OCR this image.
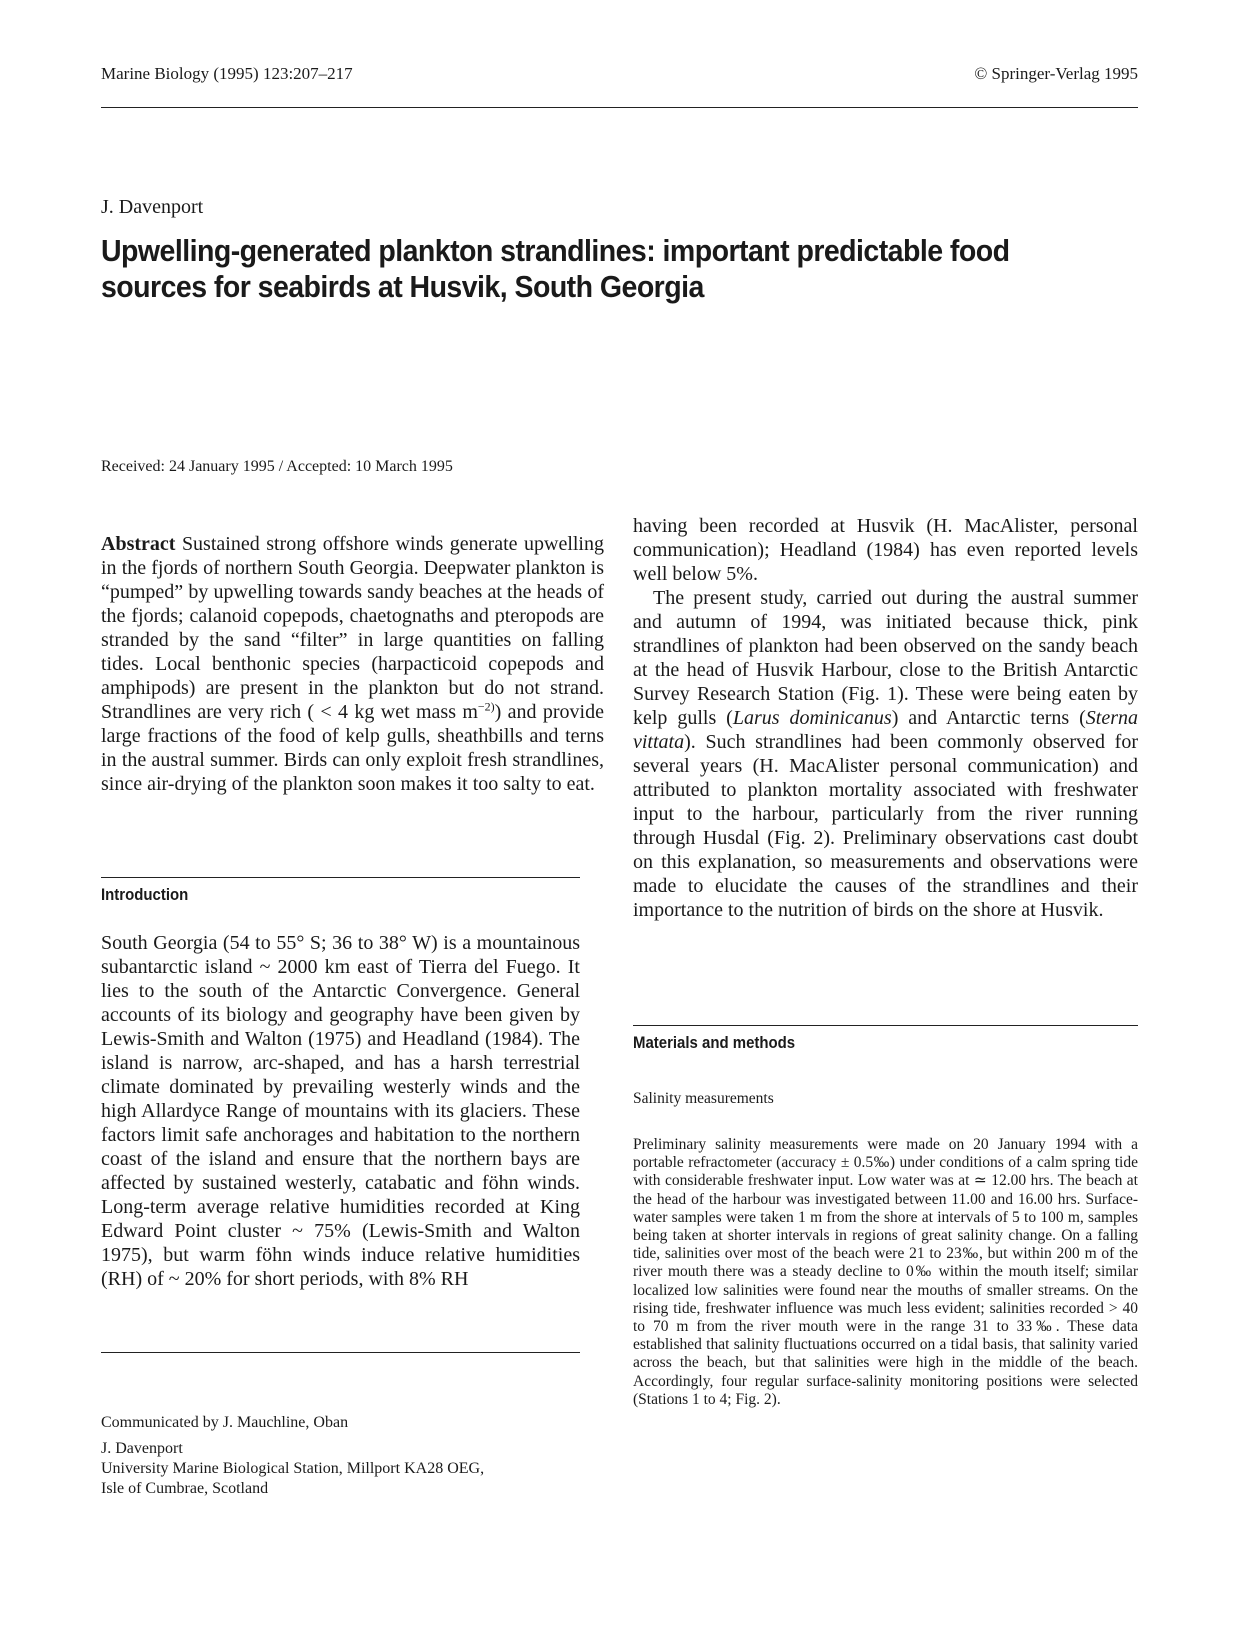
Marine Biology (1995) 123:207–217	© Springer-Verlag 1995
J. Davenport
Upwelling-generated plankton strandlines: important predictable food
sources for seabirds at Husvik, South Georgia
Received: 24 January 1995 / Accepted: 10 March 1995

Abstract Sustained strong offshore winds generate upwelling in the fjords of northern South Georgia. Deepwater plankton is “pumped” by upwelling towards sandy beaches at the heads of the fjords; calanoid copepods, chaetognaths and pteropods are stranded by the sand “filter” in large quantities on falling tides. Local benthonic species (harpacticoid copepods and amphipods) are present in the plankton but do not strand. Strandlines are very rich ( < 4 kg wet mass $m^{-2)}$) and provide large fractions of the food of kelp gulls, sheathbills and terns in the austral summer. Birds can only exploit fresh strandlines, since air-drying of the plankton soon makes it too salty to eat.

Introduction

South Georgia (54 to 55° S; 36 to 38° W) is a mountainous subantarctic island ~ 2000 km east of Tierra del Fuego. It lies to the south of the Antarctic Convergence. General accounts of its biology and geography have been given by Lewis-Smith and Walton (1975) and Headland (1984). The island is narrow, arc-shaped, and has a harsh terrestrial climate dominated by prevailing westerly winds and the high Allardyce Range of mountains with its glaciers. These factors limit safe anchorages and habitation to the northern coast of the island and ensure that the northern bays are affected by sustained westerly, catabatic and föhn winds. Long-term average relative humidities recorded at King Edward Point cluster ~ 75% (Lewis-Smith and Walton 1975), but warm föhn winds induce relative humidities (RH) of ~ 20% for short periods, with 8% RH

Communicated by J. Mauchline, Oban
J. Davenport
University Marine Biological Station, Millport KA28 OEG,
Isle of Cumbrae, Scotland

having been recorded at Husvik (H. MacAlister, personal communication); Headland (1984) has even reported levels well below 5%.

The present study, carried out during the austral summer and autumn of 1994, was initiated because thick, pink strandlines of plankton had been observed on the sandy beach at the head of Husvik Harbour, close to the British Antarctic Survey Research Station (Fig. 1). These were being eaten by kelp gulls (Larus dominicanus) and Antarctic terns (Sterna vittata). Such strandlines had been commonly observed for several years (H. MacAlister personal communication) and attributed to plankton mortality associated with freshwater input to the harbour, particularly from the river running through Husdal (Fig. 2). Preliminary observations cast doubt on this explanation, so measurements and observations were made to elucidate the causes of the strandlines and their importance to the nutrition of birds on the shore at Husvik.

Materials and methods
Salinity measurements

Preliminary salinity measurements were made on 20 January 1994 with a portable refractometer (accuracy ± 0.5‰) under conditions of a calm spring tide with considerable freshwater input. Low water was at ≃ 12.00 hrs. The beach at the head of the harbour was investigated between 11.00 and 16.00 hrs. Surface-water samples were taken 1 m from the shore at intervals of 5 to 100 m, samples being taken at shorter intervals in regions of great salinity change. On a falling tide, salinities over most of the beach were 21 to 23‰, but within 200 m of the river mouth there was a steady decline to 0‰ within the mouth itself; similar localized low salinities were found near the mouths of smaller streams. On the rising tide, freshwater influence was much less evident; salinities recorded > 40 to 70 m from the river mouth were in the range 31 to 33‰. These data established that salinity fluctuations occurred on a tidal basis, that salinity varied across the beach, but that salinities were high in the middle of the beach. Accordingly, four regular surface-salinity monitoring positions were selected (Stations 1 to 4; Fig. 2).
